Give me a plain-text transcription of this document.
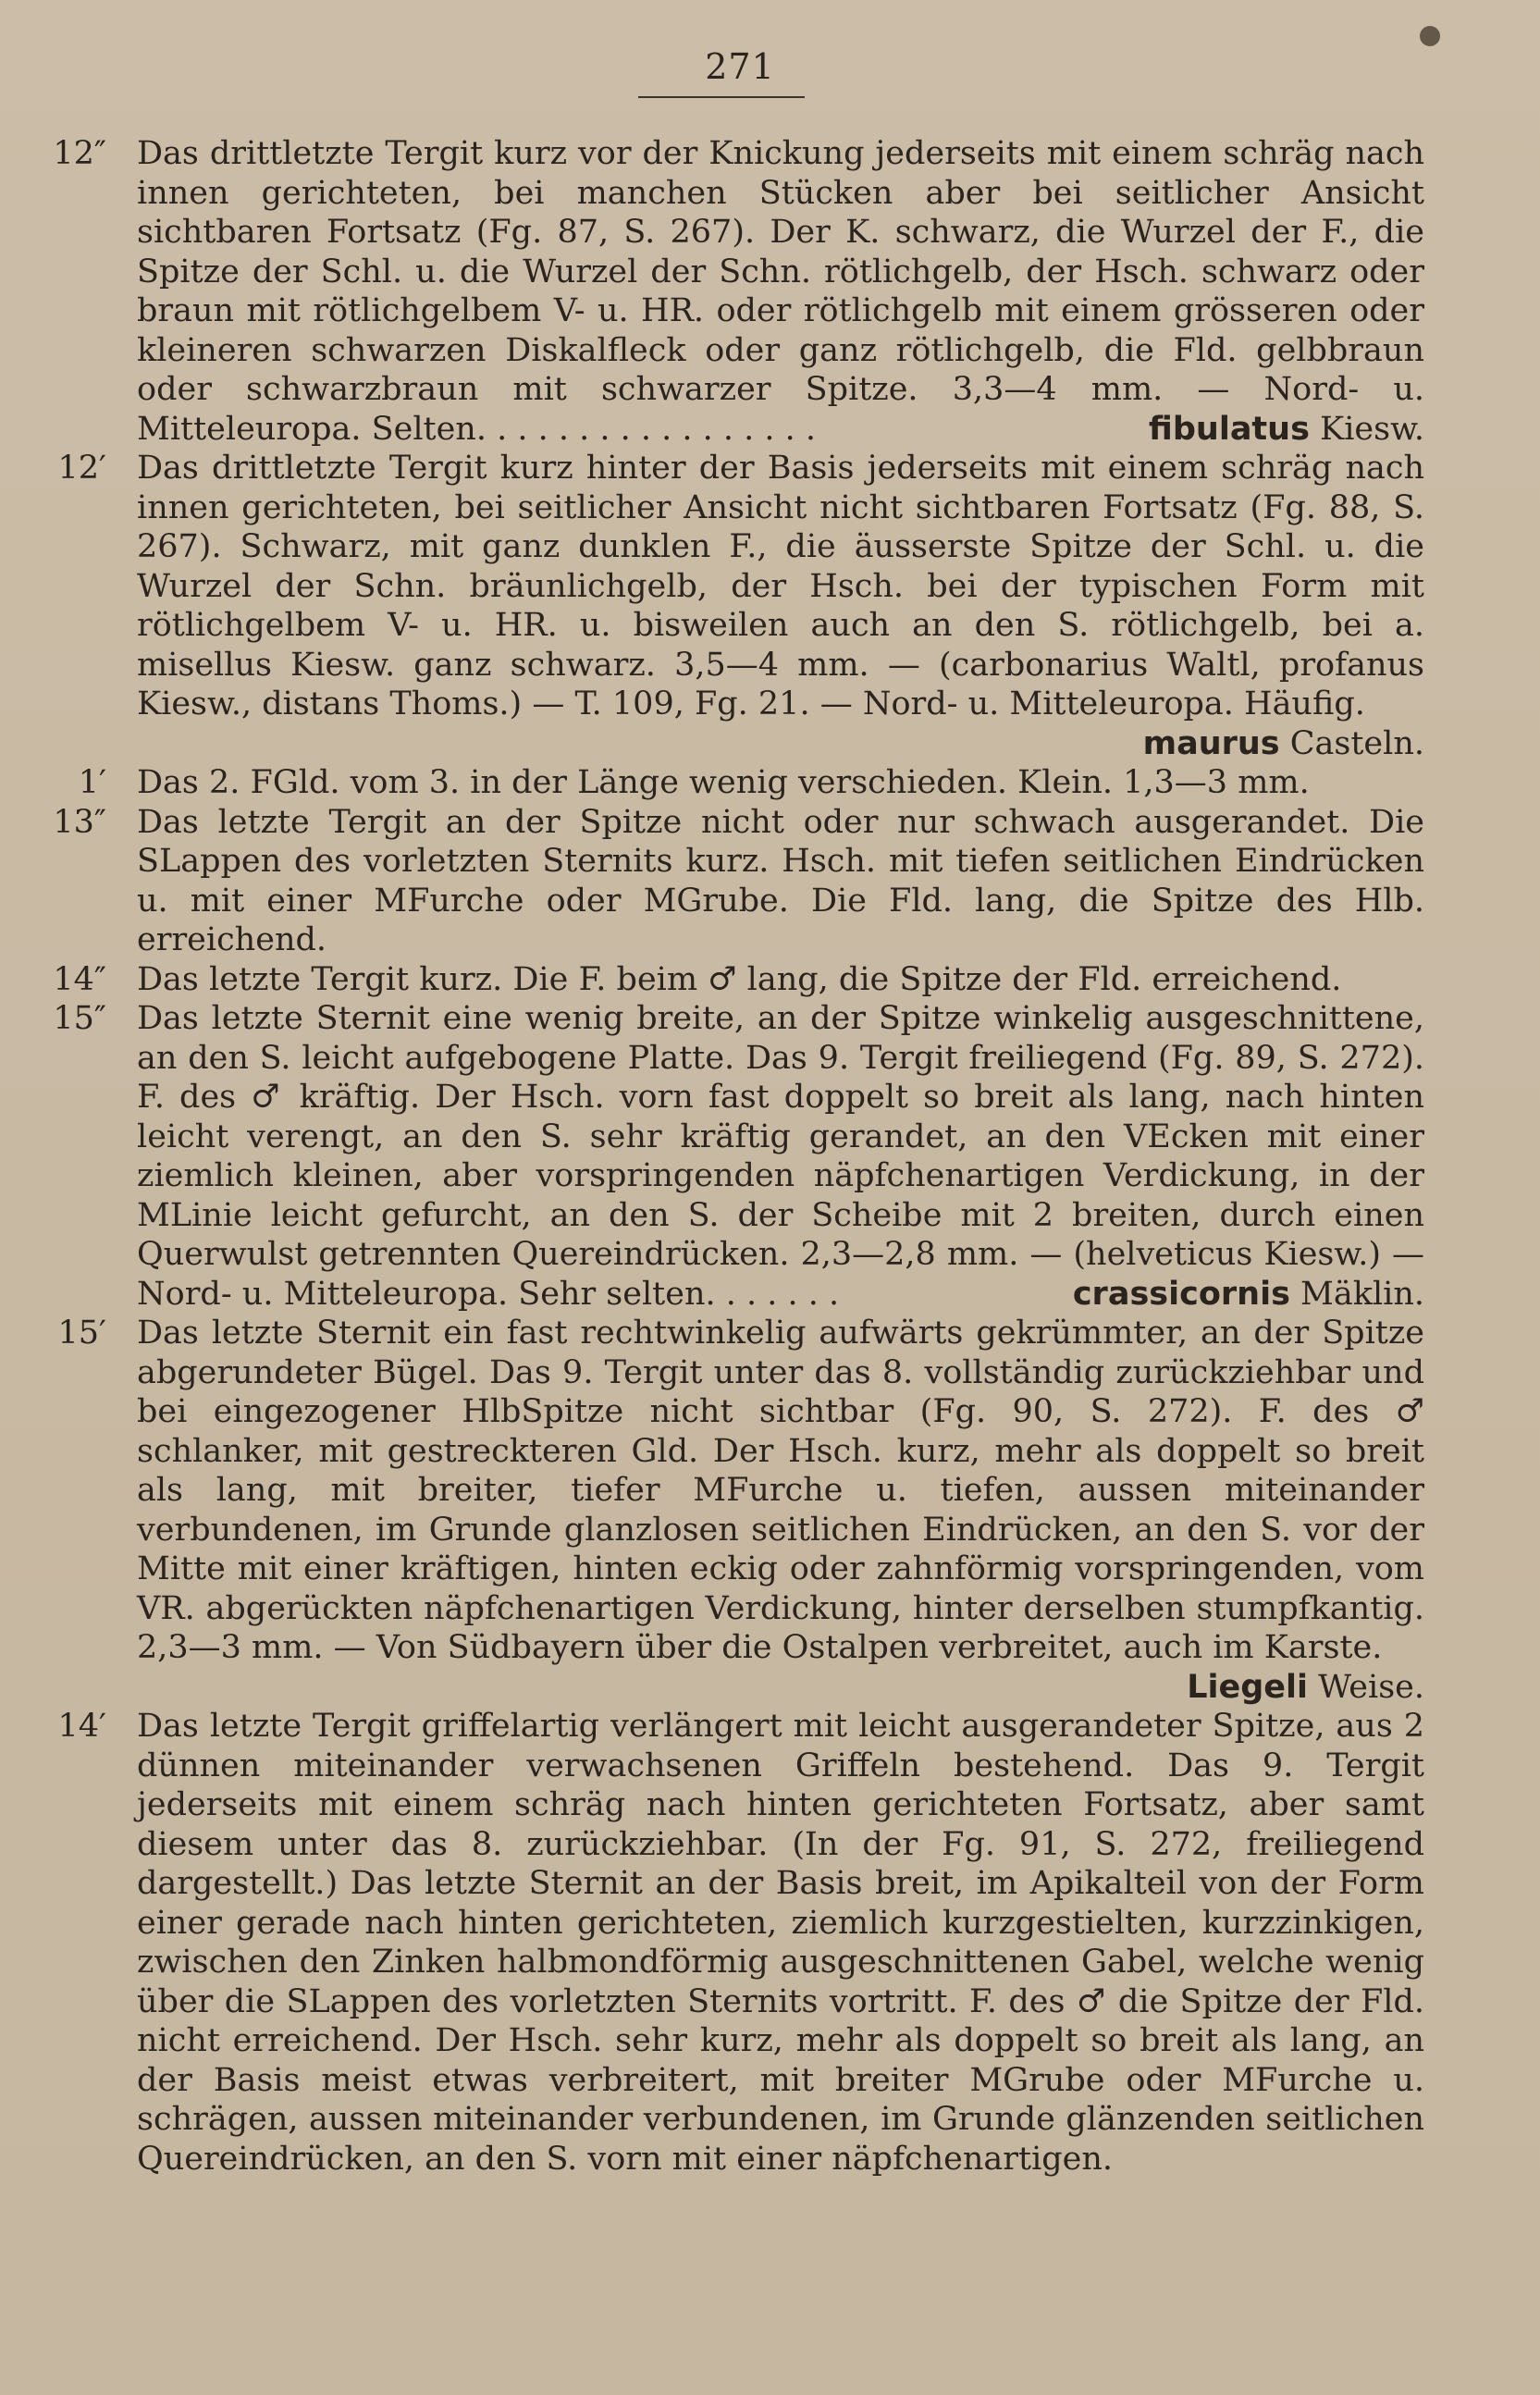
271
12″ Das drittletzte Tergit kurz vor der Knickung jederseits mit einem schräg nach innen gerichteten, bei manchen Stücken aber bei seitlicher Ansicht sichtbaren Fortsatz (Fg. 87, S. 267). Der K. schwarz, die Wurzel der F., die Spitze der Schl. u. die Wurzel der Schn. rötlichgelb, der Hsch. schwarz oder braun mit rötlichgelbem V- u. HR. oder rötlichgelb mit einem grösseren oder kleineren schwarzen Diskalfleck oder ganz rötlichgelb, die Fld. gelbbraun oder schwarzbraun mit schwarzer Spitze. 3,3—4 mm. — Nord- u. Mitteleuropa. Selten. . . . . . . . . . . . . . . . .	fibulatus Kiesw.

12′ Das drittletzte Tergit kurz hinter der Basis jederseits mit einem schräg nach innen gerichteten, bei seitlicher Ansicht nicht sichtbaren Fortsatz (Fg. 88, S. 267). Schwarz, mit ganz dunklen F., die äusserste Spitze der Schl. u. die Wurzel der Schn. bräunlichgelb, der Hsch. bei der typischen Form mit rötlichgelbem V- u. HR. u. bisweilen auch an den S. rötlichgelb, bei a. misellus Kiesw. ganz schwarz. 3,5—4 mm. — (carbonarius Waltl, profanus Kiesw., distans Thoms.) — T. 109, Fg. 21. — Nord- u. Mitteleuropa. Häufig.
maurus Casteln.

1′ Das 2. FGld. vom 3. in der Länge wenig verschieden. Klein. 1,3—3 mm.

13″ Das letzte Tergit an der Spitze nicht oder nur schwach ausgerandet. Die SLappen des vorletzten Sternits kurz. Hsch. mit tiefen seitlichen Eindrücken u. mit einer MFurche oder MGrube. Die Fld. lang, die Spitze des Hlb. erreichend.

14″ Das letzte Tergit kurz. Die F. beim ♂ lang, die Spitze der Fld. erreichend.

15″ Das letzte Sternit eine wenig breite, an der Spitze winkelig ausgeschnittene, an den S. leicht aufgebogene Platte. Das 9. Tergit freiliegend (Fg. 89, S. 272). F. des ♂ kräftig. Der Hsch. vorn fast doppelt so breit als lang, nach hinten leicht verengt, an den S. sehr kräftig gerandet, an den VEcken mit einer ziemlich kleinen, aber vorspringenden näpfchenartigen Verdickung, in der MLinie leicht gefurcht, an den S. der Scheibe mit 2 breiten, durch einen Querwulst getrennten Quereindrücken. 2,3—2,8 mm. — (helveticus Kiesw.) — Nord- u. Mitteleuropa. Sehr selten. . . . . . .	crassicornis Mäklin.

15′ Das letzte Sternit ein fast rechtwinkelig aufwärts gekrümmter, an der Spitze abgerundeter Bügel. Das 9. Tergit unter das 8. vollständig zurückziehbar und bei eingezogener HlbSpitze nicht sichtbar (Fg. 90, S. 272). F. des ♂ schlanker, mit gestreckteren Gld. Der Hsch. kurz, mehr als doppelt so breit als lang, mit breiter, tiefer MFurche u. tiefen, aussen miteinander verbundenen, im Grunde glanzlosen seitlichen Eindrücken, an den S. vor der Mitte mit einer kräftigen, hinten eckig oder zahnförmig vorspringenden, vom VR. abgerückten näpfchenartigen Verdickung, hinter derselben stumpfkantig. 2,3—3 mm. — Von Südbayern über die Ostalpen verbreitet, auch im Karste.
Liegeli Weise.

14′ Das letzte Tergit griffelartig verlängert mit leicht ausgerandeter Spitze, aus 2 dünnen miteinander verwachsenen Griffeln bestehend. Das 9. Tergit jederseits mit einem schräg nach hinten gerichteten Fortsatz, aber samt diesem unter das 8. zurückziehbar. (In der Fg. 91, S. 272, freiliegend dargestellt.) Das letzte Sternit an der Basis breit, im Apikalteil von der Form einer gerade nach hinten gerichteten, ziemlich kurzgestielten, kurzzinkigen, zwischen den Zinken halbmondförmig ausgeschnittenen Gabel, welche wenig über die SLappen des vorletzten Sternits vortritt. F. des ♂ die Spitze der Fld. nicht erreichend. Der Hsch. sehr kurz, mehr als doppelt so breit als lang, an der Basis meist etwas verbreitert, mit breiter MGrube oder MFurche u. schrägen, aussen miteinander verbundenen, im Grunde glänzenden seitlichen Quereindrücken, an den S. vorn mit einer näpfchenartigen.
